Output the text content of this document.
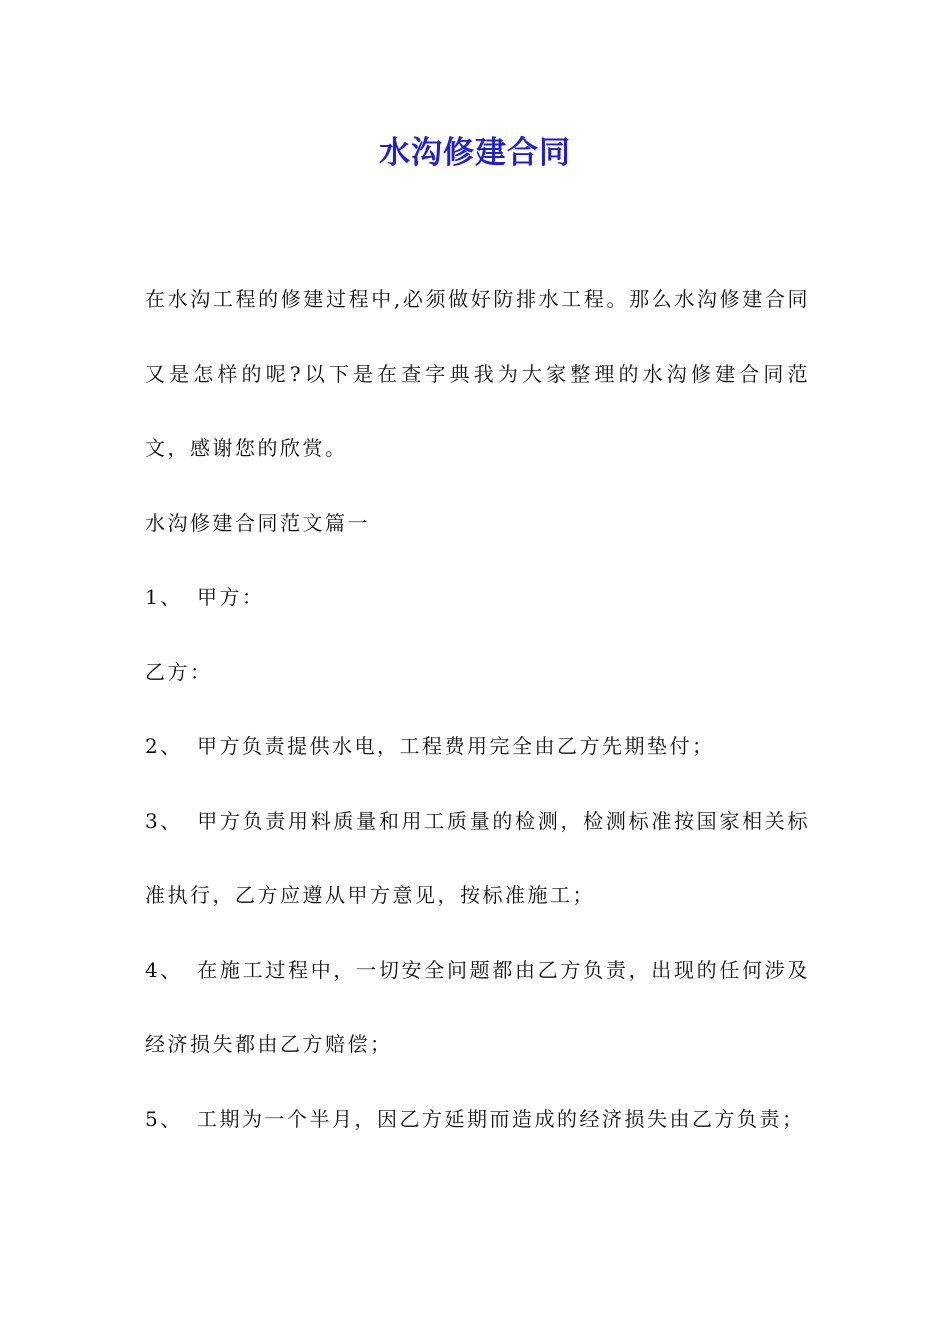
水沟修建合同

在水沟工程的修建过程中,必须做好防排水工程。那么水沟修建合同又是怎样的呢?以下是在查字典我为大家整理的水沟修建合同范文，感谢您的欣赏。

水沟修建合同范文篇一

1、 甲方：

乙方：

2、 甲方负责提供水电，工程费用完全由乙方先期垫付；

3、 甲方负责用料质量和用工质量的检测，检测标准按国家相关标准执行，乙方应遵从甲方意见，按标准施工；

4、 在施工过程中，一切安全问题都由乙方负责，出现的任何涉及经济损失都由乙方赔偿；

5、 工期为一个半月，因乙方延期而造成的经济损失由乙方负责；
